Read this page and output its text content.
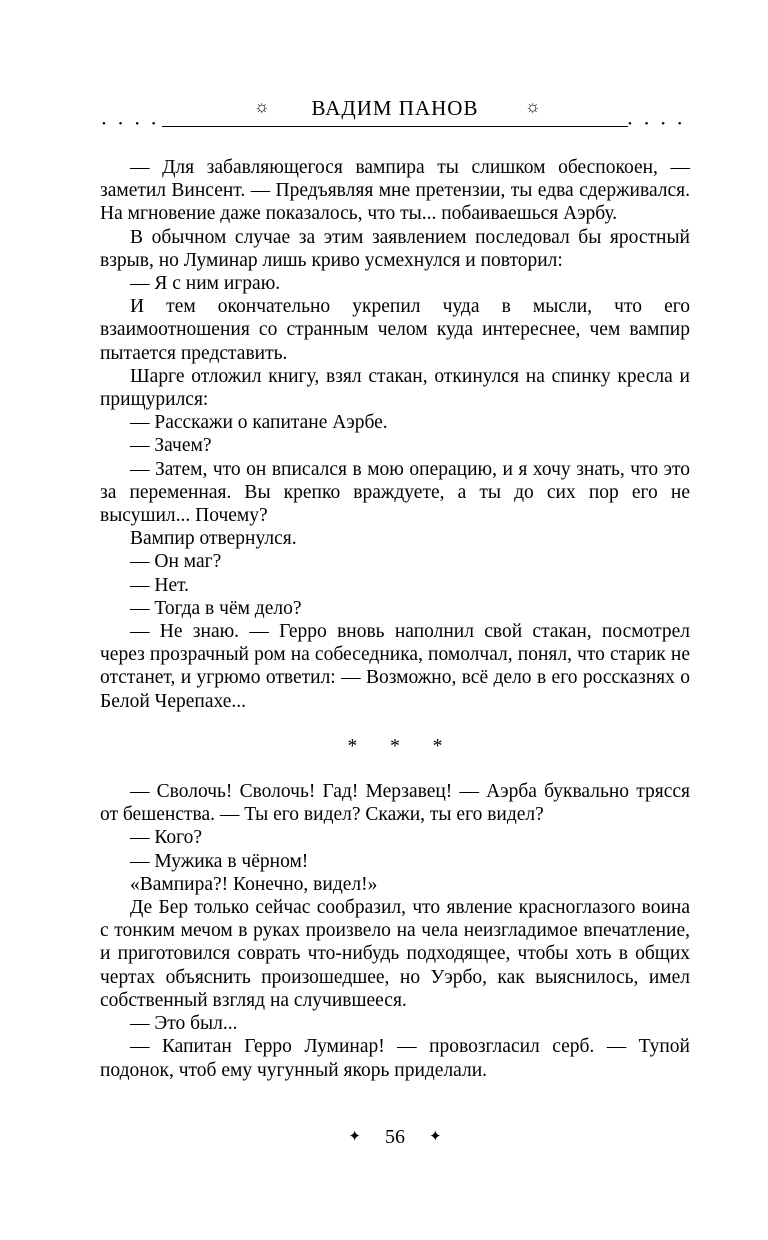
☼	ВАДИМ ПАНОВ	☼
• • • •	• • • •

— Для забавляющегося вампира ты слишком обеспокоен, — заметил Винсент. — Предъявляя мне претензии, ты едва сдерживался. На мгновение даже показалось, что ты... побаиваешься Аэрбу.

В обычном случае за этим заявлением последовал бы яростный взрыв, но Луминар лишь криво усмехнулся и повторил:

— Я с ним играю.

И тем окончательно укрепил чуда в мысли, что его взаимоотношения со странным челом куда интереснее, чем вампир пытается представить.

Шарге отложил книгу, взял стакан, откинулся на спинку кресла и прищурился:

— Расскажи о капитане Аэрбе.

— Зачем?

— Затем, что он вписался в мою операцию, и я хочу знать, что это за переменная. Вы крепко враждуете, а ты до сих пор его не высушил... Почему?

Вампир отвернулся.

— Он маг?

— Нет.

— Тогда в чём дело?

— Не знаю. — Герро вновь наполнил свой стакан, посмотрел через прозрачный ром на собеседника, помолчал, понял, что старик не отстанет, и угрюмо ответил: — Возможно, всё дело в его россказнях о Белой Черепахе...

* * *

— Сволочь! Сволочь! Гад! Мерзавец! — Аэрба буквально трясся от бешенства. — Ты его видел? Скажи, ты его видел?

— Кого?

— Мужика в чёрном!

«Вампира?! Конечно, видел!»

Де Бер только сейчас сообразил, что явление красноглазого воина с тонким мечом в руках произвело на чела неизгладимое впечатление, и приготовился соврать что-нибудь подходящее, чтобы хоть в общих чертах объяснить произошедшее, но Уэрбо, как выяснилось, имел собственный взгляд на случившееся.

— Это был...

— Капитан Герро Луминар! — провозгласил серб. — Тупой подонок, чтоб ему чугунный якорь приделали.

✦ 56 ✦
